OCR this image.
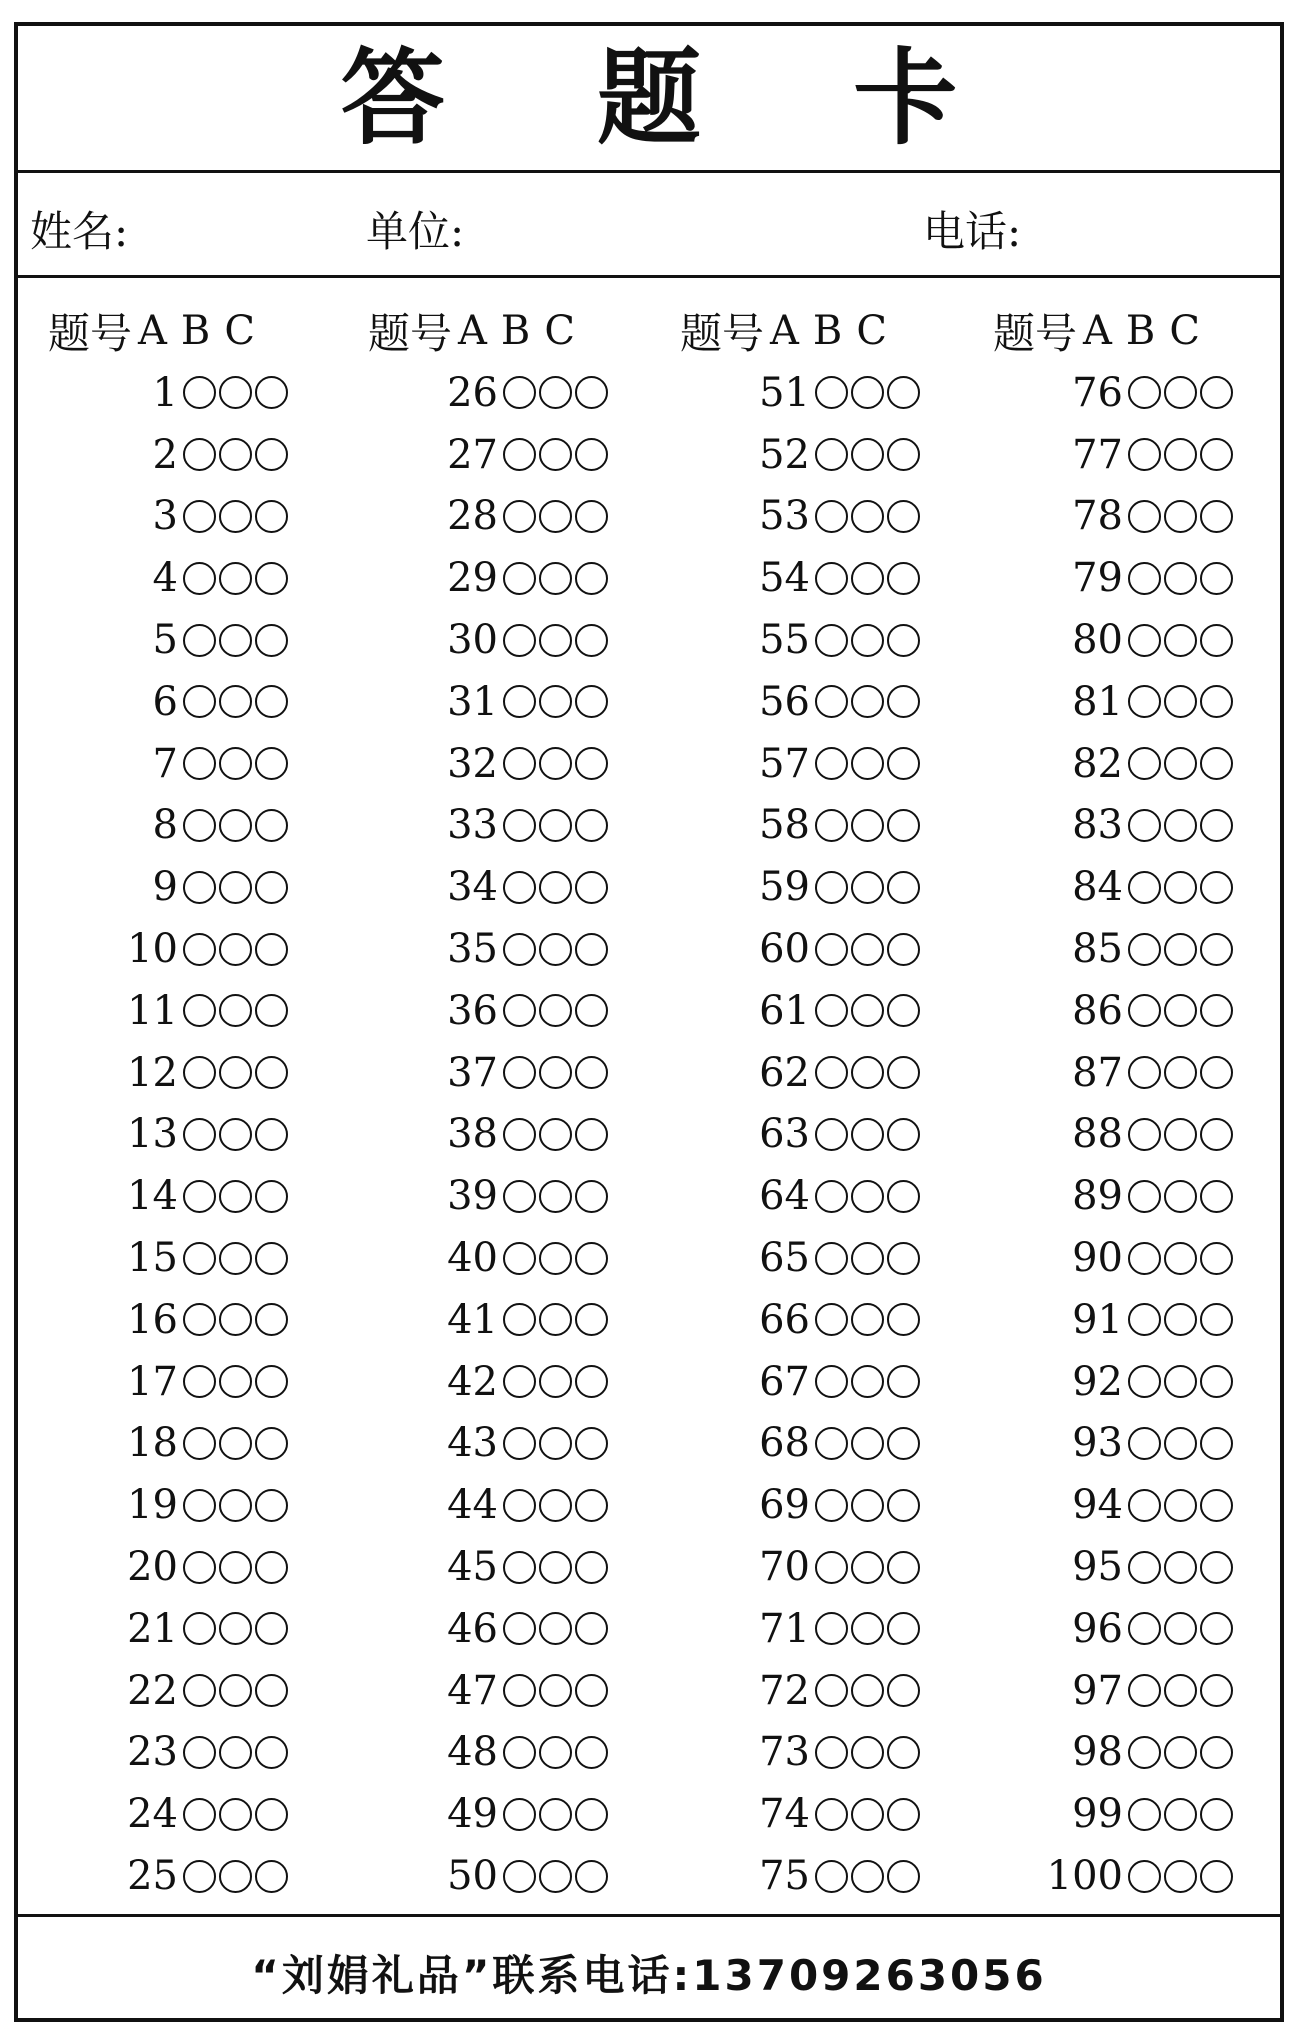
答 题 卡
姓名:	单位:	电话:
题号 A B C
1
2
3
4
5
6
7
8
9
10
11
12
13
14
15
16
17
18
19
20
21
22
23
24
25
题号 A B C
26
27
28
29
30
31
32
33
34
35
36
37
38
39
40
41
42
43
44
45
46
47
48
49
50
题号 A B C
51
52
53
54
55
56
57
58
59
60
61
62
63
64
65
66
67
68
69
70
71
72
73
74
75
题号 A B C
76
77
78
79
80
81
82
83
84
85
86
87
88
89
90
91
92
93
94
95
96
97
98
99
100
“刘娟礼品”联系电话:13709263056
